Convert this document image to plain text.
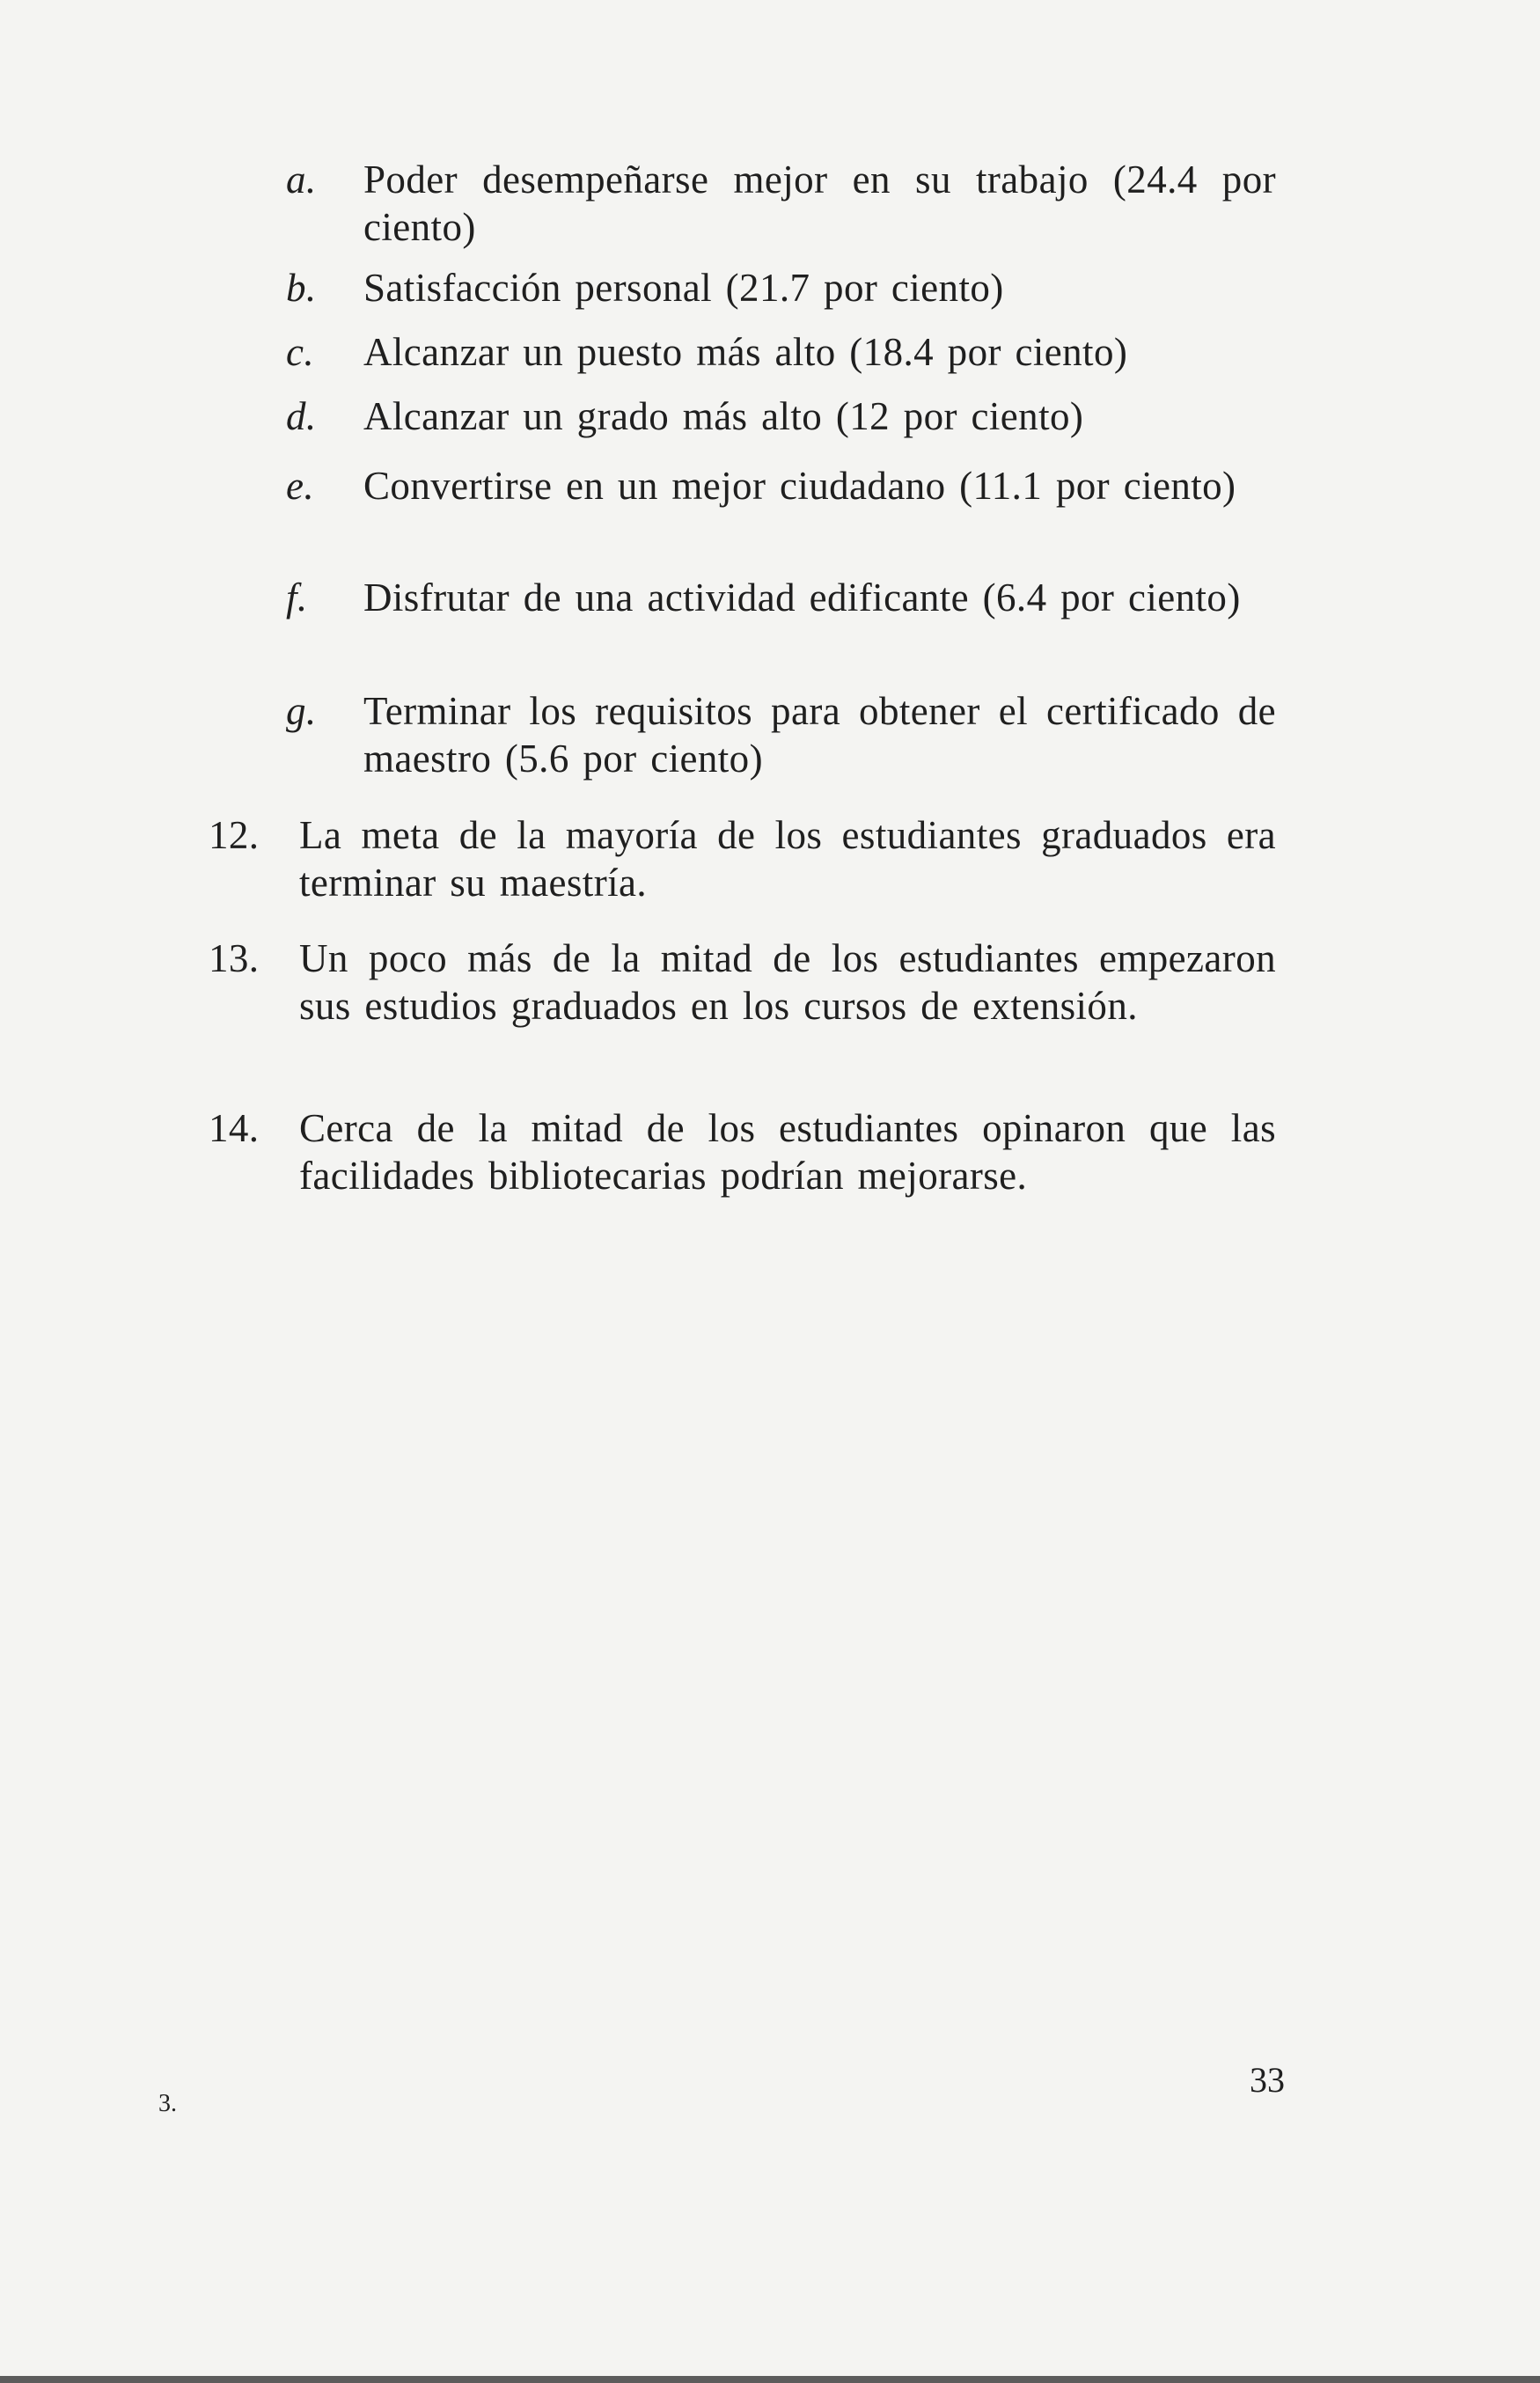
a.	Poder desempeñarse mejor en su trabajo (24.4 por ciento)
b.	Satisfacción personal (21.7 por ciento)
c.	Alcanzar un puesto más alto (18.4 por ciento)
d.	Alcanzar un grado más alto (12 por ciento)
e.	Convertirse en un mejor ciudadano (11.1 por ciento)
f.	Disfrutar de una actividad edificante (6.4 por ciento)
g.	Terminar los requisitos para obtener el certificado de maestro (5.6 por ciento)
12.	La meta de la mayoría de los estudiantes graduados era terminar su maestría.
13.	Un poco más de la mitad de los estudiantes empezaron sus estudios graduados en los cursos de extensión.
14.	Cerca de la mitad de los estudiantes opinaron que las facilidades bibliotecarias podrían mejorarse.
33
3.
